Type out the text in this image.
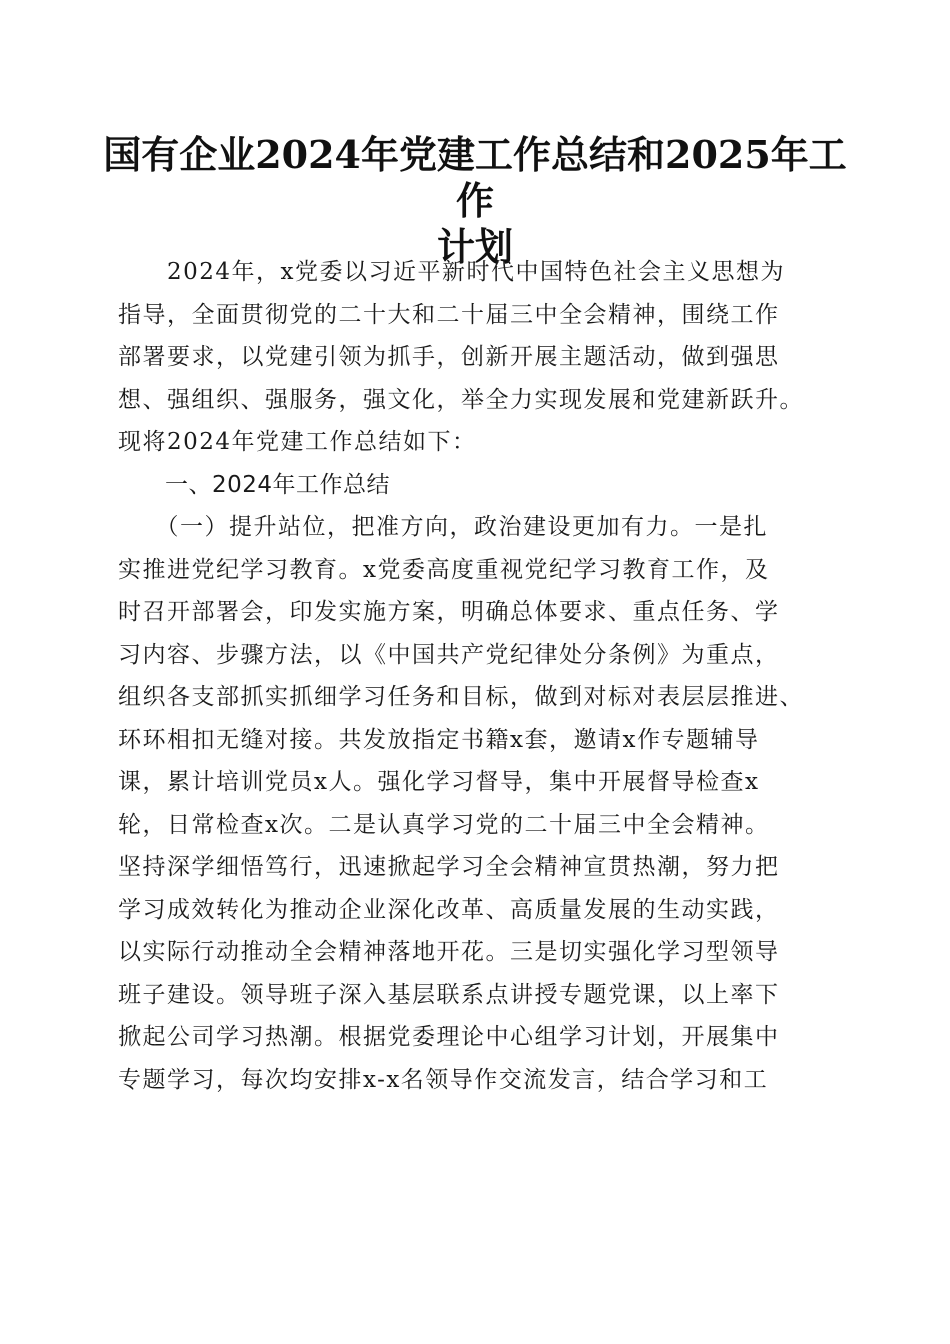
国有企业2024年党建工作总结和2025年工作
计划
　　2024年，x党委以习近平新时代中国特色社会主义思想为
指导，全面贯彻党的二十大和二十届三中全会精神，围绕工作
部署要求，以党建引领为抓手，创新开展主题活动，做到强思
想、强组织、强服务，强文化，举全力实现发展和党建新跃升。
现将2024年党建工作总结如下：
　　一、2024年工作总结
　　（一）提升站位，把准方向，政治建设更加有力。一是扎
实推进党纪学习教育。x党委高度重视党纪学习教育工作，及
时召开部署会，印发实施方案，明确总体要求、重点任务、学
习内容、步骤方法，以《中国共产党纪律处分条例》为重点，
组织各支部抓实抓细学习任务和目标，做到对标对表层层推进、
环环相扣无缝对接。共发放指定书籍x套，邀请x作专题辅导
课，累计培训党员x人。强化学习督导，集中开展督导检查x
轮，日常检查x次。二是认真学习党的二十届三中全会精神。
坚持深学细悟笃行，迅速掀起学习全会精神宣贯热潮，努力把
学习成效转化为推动企业深化改革、高质量发展的生动实践，
以实际行动推动全会精神落地开花。三是切实强化学习型领导
班子建设。领导班子深入基层联系点讲授专题党课，以上率下
掀起公司学习热潮。根据党委理论中心组学习计划，开展集中
专题学习，每次均安排x-x名领导作交流发言，结合学习和工
